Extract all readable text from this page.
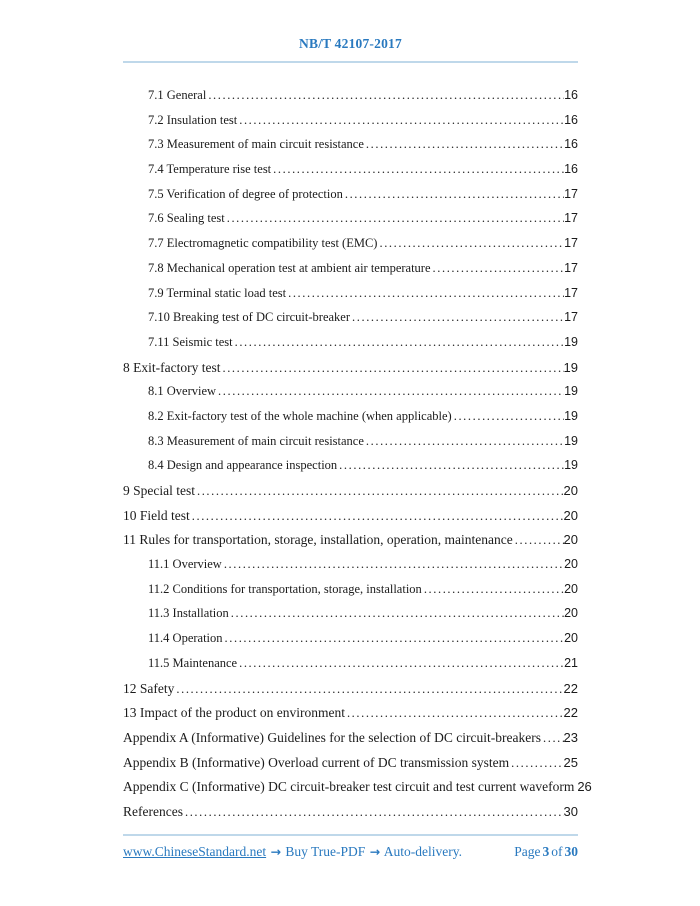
NB/T 42107-2017
7.1 General .....	16
7.2 Insulation test .....	16
7.3 Measurement of main circuit resistance .....	16
7.4 Temperature rise test .....	16
7.5 Verification of degree of protection .....	17
7.6 Sealing test .....	17
7.7 Electromagnetic compatibility test (EMC) .....	17
7.8 Mechanical operation test at ambient air temperature .....	17
7.9 Terminal static load test .....	17
7.10 Breaking test of DC circuit-breaker .....	17
7.11 Seismic test .....	19
8 Exit-factory test .....	19
8.1 Overview .....	19
8.2 Exit-factory test of the whole machine (when applicable) .....	19
8.3 Measurement of main circuit resistance .....	19
8.4 Design and appearance inspection .....	19
9 Special test .....	20
10 Field test .....	20
11 Rules for transportation, storage, installation, operation, maintenance .....	20
11.1 Overview .....	20
11.2 Conditions for transportation, storage, installation .....	20
11.3 Installation .....	20
11.4 Operation .....	20
11.5 Maintenance .....	21
12 Safety .....	22
13 Impact of the product on environment .....	22
Appendix A (Informative) Guidelines for the selection of DC circuit-breakers ..... 23
Appendix B (Informative) Overload current of DC transmission system .....	25
Appendix C (Informative) DC circuit-breaker test circuit and test current waveform 26
References .....	30
www.ChineseStandard.net → Buy True-PDF → Auto-delivery.	Page 3 of 30
